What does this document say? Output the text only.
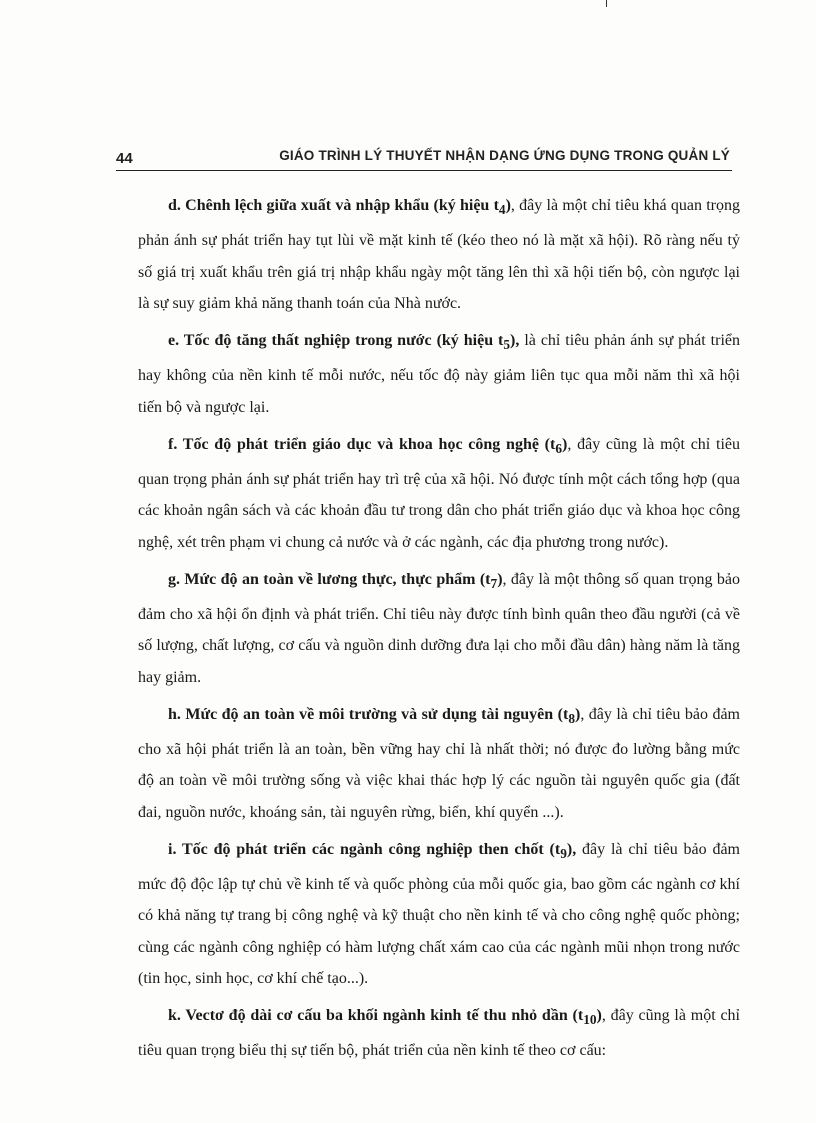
44	GIÁO TRÌNH LÝ THUYẾT NHẬN DẠNG ỨNG DỤNG TRONG QUẢN LÝ

d. Chênh lệch giữa xuất và nhập khẩu (ký hiệu $t_4$), đây là một chỉ tiêu khá quan trọng phản ánh sự phát triển hay tụt lùi về mặt kinh tế (kéo theo nó là mặt xã hội). Rõ ràng nếu tỷ số giá trị xuất khẩu trên giá trị nhập khẩu ngày một tăng lên thì xã hội tiến bộ, còn ngược lại là sự suy giảm khả năng thanh toán của Nhà nước.

e. Tốc độ tăng thất nghiệp trong nước (ký hiệu $t_5$), là chỉ tiêu phản ánh sự phát triển hay không của nền kinh tế mỗi nước, nếu tốc độ này giảm liên tục qua mỗi năm thì xã hội tiến bộ và ngược lại.

f. Tốc độ phát triển giáo dục và khoa học công nghệ $(t_6)$, đây cũng là một chỉ tiêu quan trọng phản ánh sự phát triển hay trì trệ của xã hội. Nó được tính một cách tổng hợp (qua các khoản ngân sách và các khoản đầu tư trong dân cho phát triển giáo dục và khoa học công nghệ, xét trên phạm vi chung cả nước và ở các ngành, các địa phương trong nước).

g. Mức độ an toàn về lương thực, thực phẩm $(t_7)$, đây là một thông số quan trọng bảo đảm cho xã hội ổn định và phát triển. Chỉ tiêu này được tính bình quân theo đầu người (cả về số lượng, chất lượng, cơ cấu và nguồn dinh dưỡng đưa lại cho mỗi đầu dân) hàng năm là tăng hay giảm.

h. Mức độ an toàn về môi trường và sử dụng tài nguyên $(t_8)$, đây là chỉ tiêu bảo đảm cho xã hội phát triển là an toàn, bền vững hay chỉ là nhất thời; nó được đo lường bằng mức độ an toàn về môi trường sống và việc khai thác hợp lý các nguồn tài nguyên quốc gia (đất đai, nguồn nước, khoáng sản, tài nguyên rừng, biển, khí quyển ...).

i. Tốc độ phát triển các ngành công nghiệp then chốt $(t_9)$, đây là chỉ tiêu bảo đảm mức độ độc lập tự chủ về kinh tế và quốc phòng của mỗi quốc gia, bao gồm các ngành cơ khí có khả năng tự trang bị công nghệ và kỹ thuật cho nền kinh tế và cho công nghệ quốc phòng; cùng các ngành công nghiệp có hàm lượng chất xám cao của các ngành mũi nhọn trong nước (tin học, sinh học, cơ khí chế tạo...).

k. Vectơ độ dài cơ cấu ba khối ngành kinh tế thu nhỏ dần $(t_{10})$, đây cũng là một chỉ tiêu quan trọng biểu thị sự tiến bộ, phát triển của nền kinh tế theo cơ cấu:
